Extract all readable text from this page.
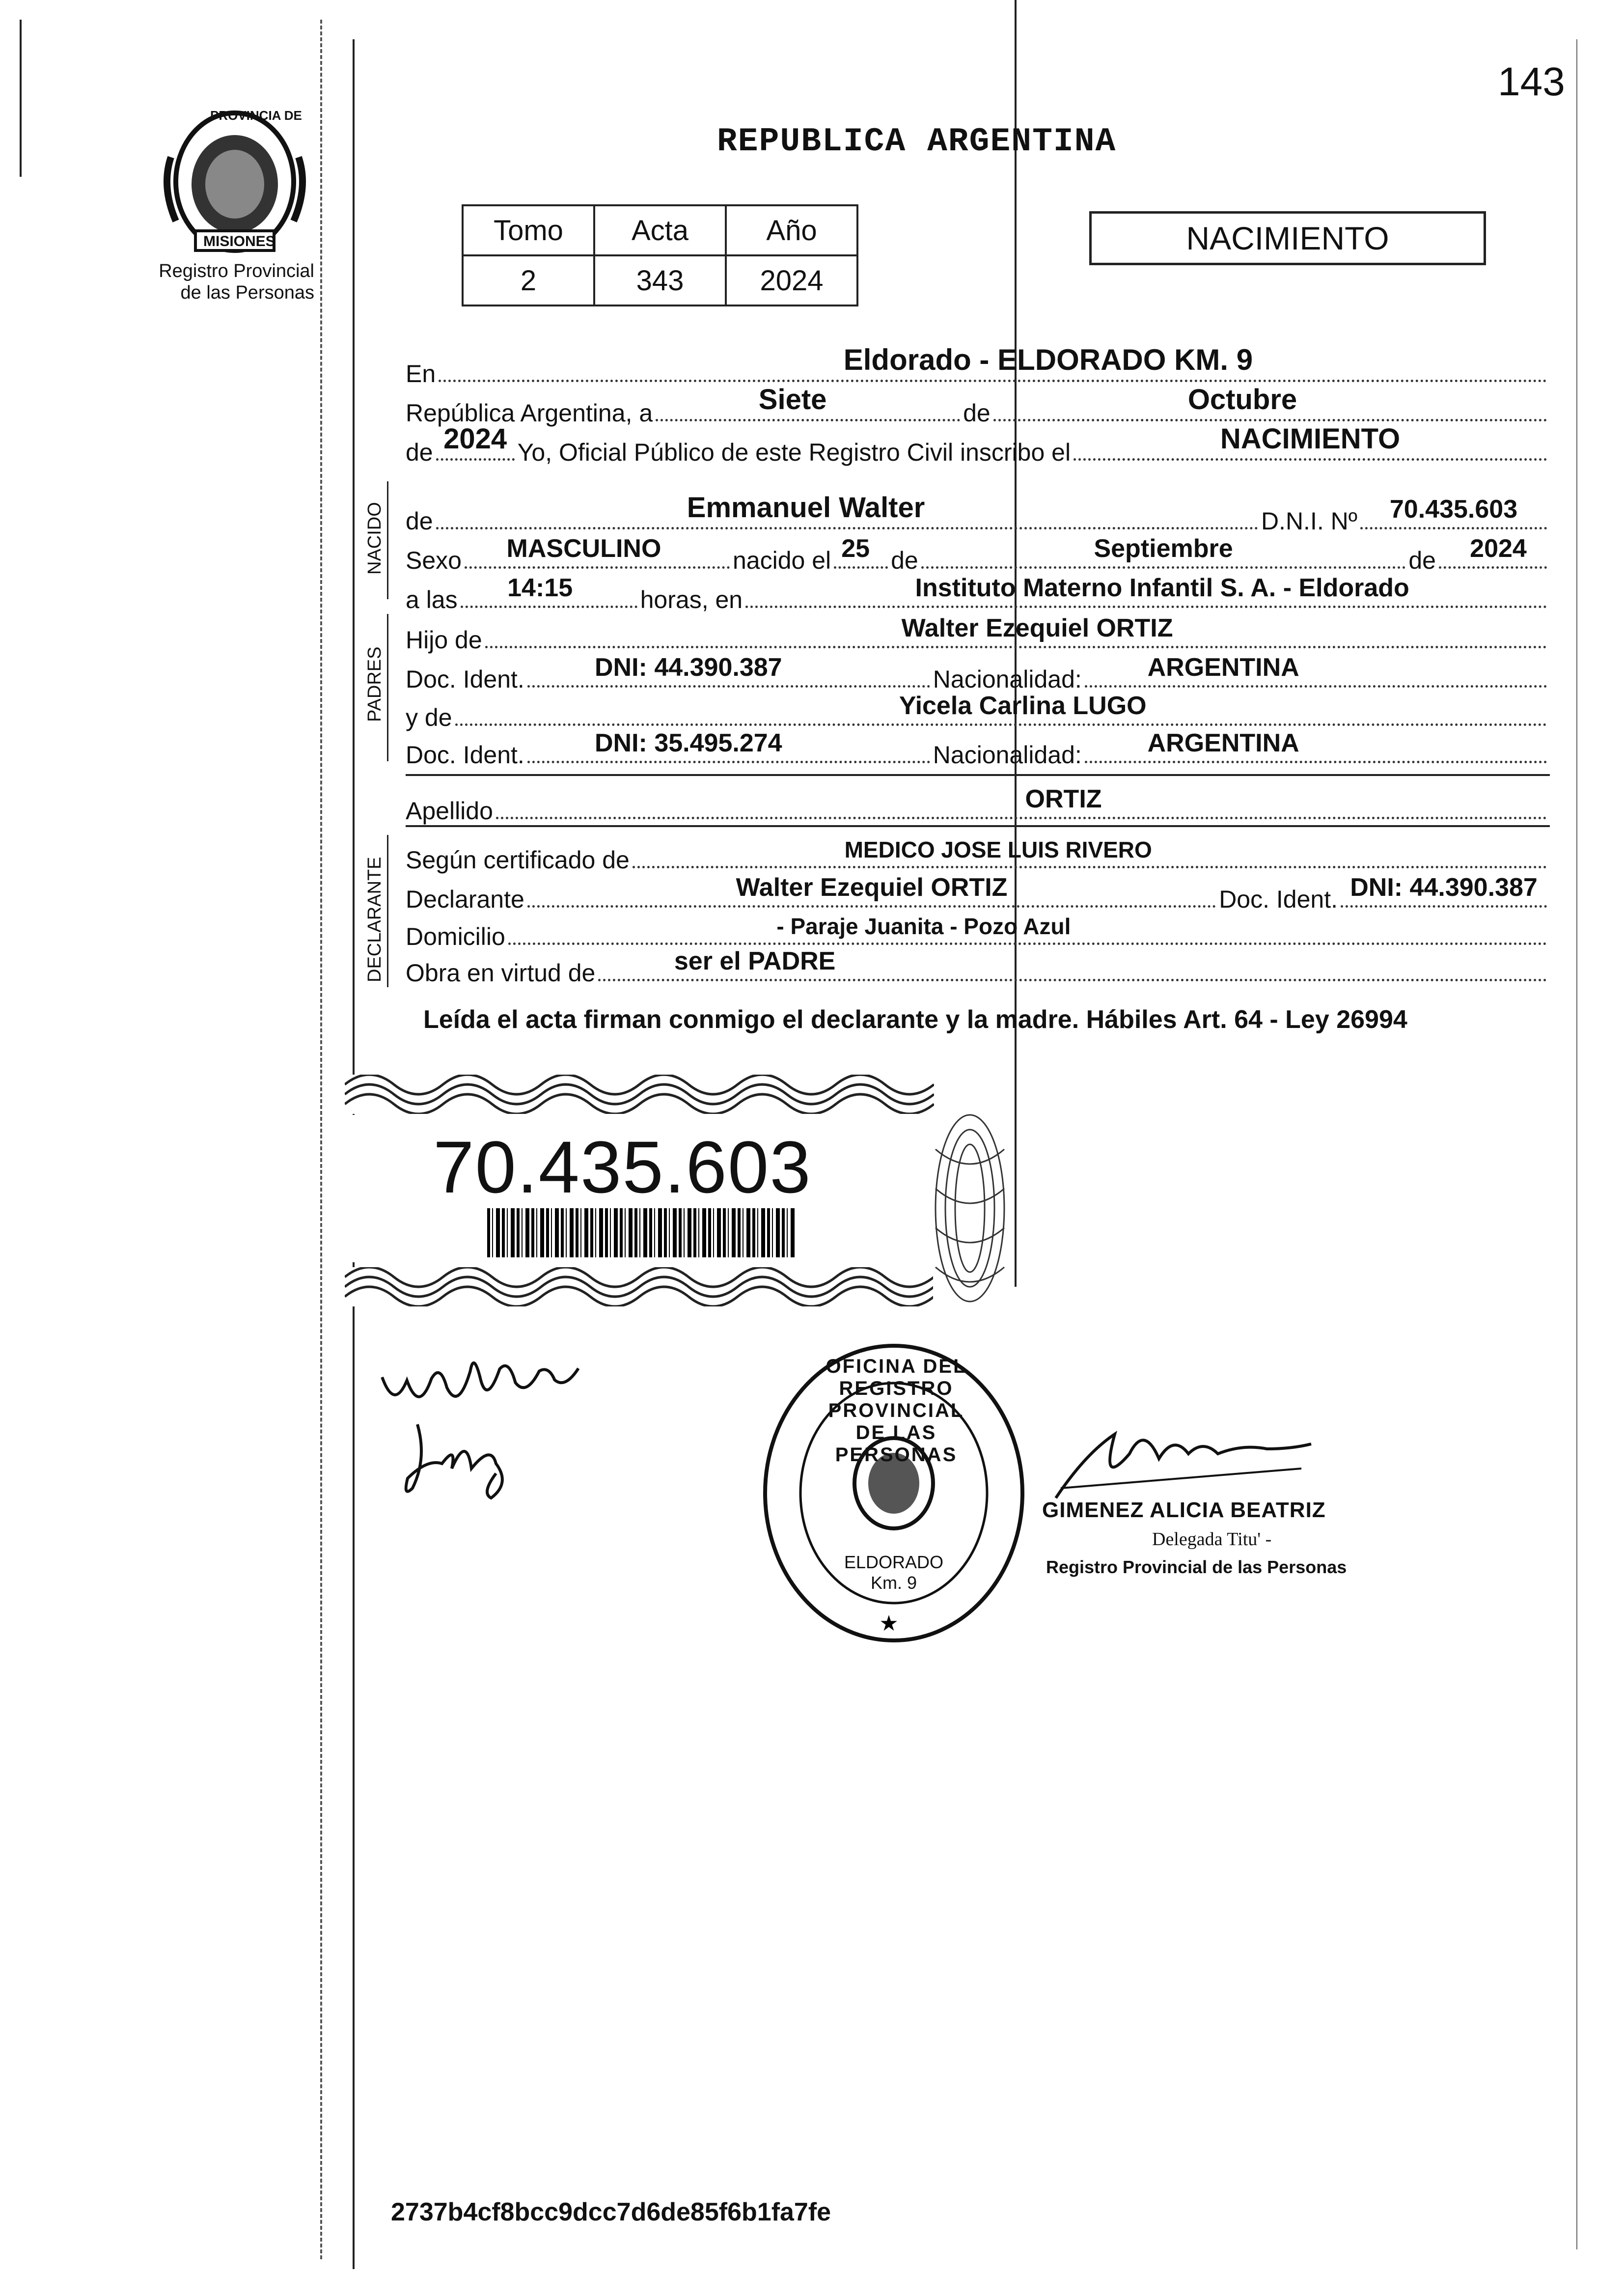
143
PROVINCIA DE
MISIONES
Registro Provincial
de las Personas
REPUBLICA ARGENTINA
Tomo	Acta	Año
2	343	2024
NACIMIENTO
En	Eldorado - ELDORADO KM. 9
República Argentina, a	Siete	de	Octubre
de 2024 Yo, Oficial Público de este Registro Civil inscribo el	NACIMIENTO
NACIDO de	Emmanuel Walter	D.N.I. Nº 70.435.603
Sexo MASCULINO	nacido el 25 de	Septiembre	de 2024
a las 14:15	horas, en	Instituto Materno Infantil S. A. - Eldorado
PADRES
Hijo de	Walter Ezequiel ORTIZ
Doc. Ident.	DNI: 44.390.387	Nacionalidad:	ARGENTINA
y de	Yicela Carlina LUGO
Doc. Ident.	DNI: 35.495.274	Nacionalidad:	ARGENTINA
Apellido	ORTIZ
DECLARANTE Según certificado de	MEDICO JOSE LUIS RIVERO
Declarante	Walter Ezequiel ORTIZ	Doc. Ident. DNI: 44.390.387
Domicilio	- Paraje Juanita - Pozo Azul
Obra en virtud de	ser el PADRE
Leída el acta firman conmigo el declarante y la madre. Hábiles Art. 64 - Ley 26994
70.435.603
★
OFICINA DEL REGISTRO PROVINCIAL DE LAS PERSONAS
ELDORADO Km. 9
GIMENEZ ALICIA BEATRIZ
Delegada Titu' -
Registro Provincial de las Personas
2737b4cf8bcc9dcc7d6de85f6b1fa7fe
